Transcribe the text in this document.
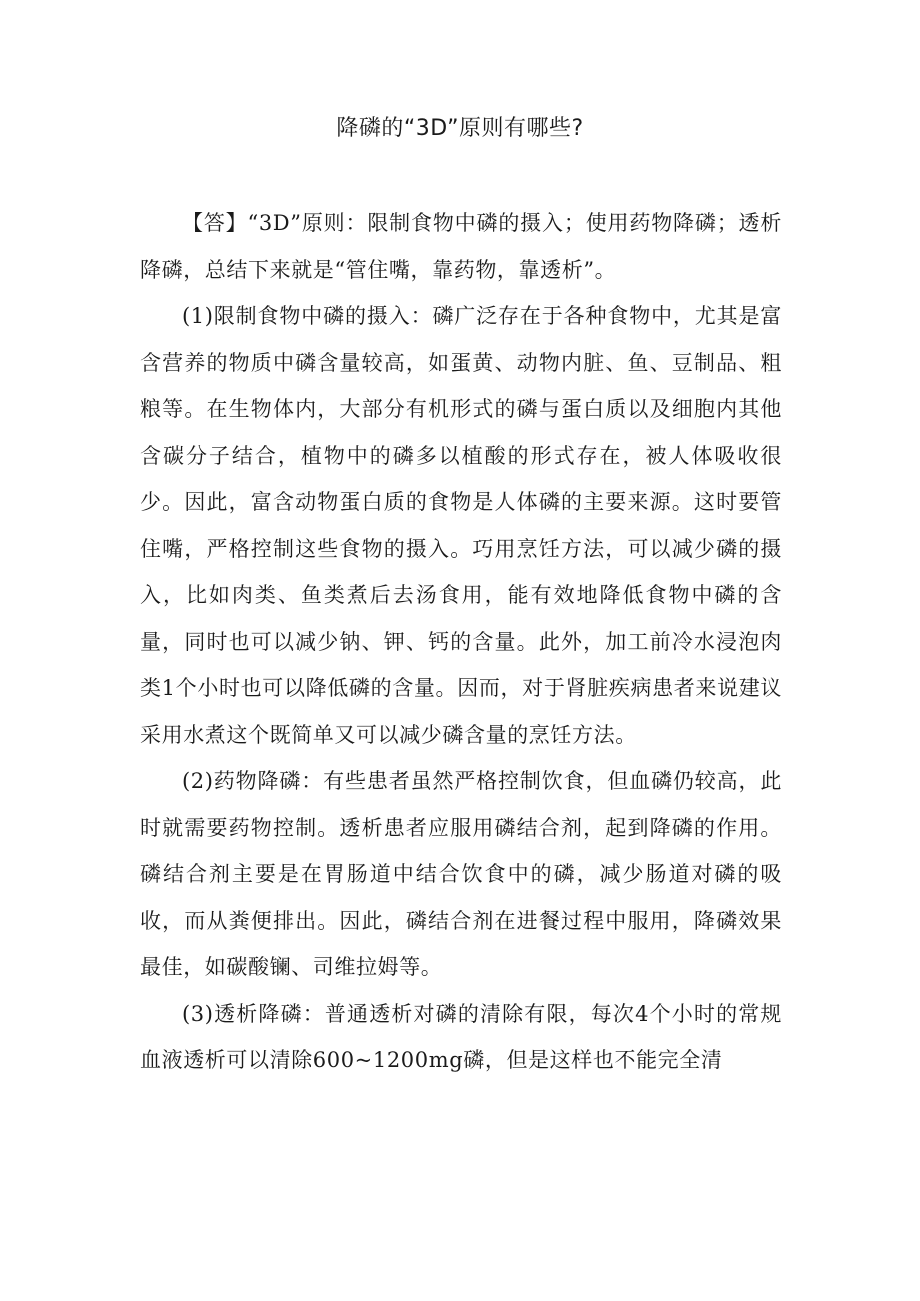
降磷的“3D”原则有哪些?

【答】“3D”原则：限制食物中磷的摄入；使用药物降磷；透析降磷，总结下来就是“管住嘴，靠药物，靠透析”。

(1)限制食物中磷的摄入：磷广泛存在于各种食物中，尤其是富含营养的物质中磷含量较高，如蛋黄、动物内脏、鱼、豆制品、粗粮等。在生物体内，大部分有机形式的磷与蛋白质以及细胞内其他含碳分子结合，植物中的磷多以植酸的形式存在，被人体吸收很少。因此，富含动物蛋白质的食物是人体磷的主要来源。这时要管住嘴，严格控制这些食物的摄入。巧用烹饪方法，可以减少磷的摄入，比如肉类、鱼类煮后去汤食用，能有效地降低食物中磷的含量，同时也可以减少钠、钾、钙的含量。此外，加工前冷水浸泡肉类1个小时也可以降低磷的含量。因而，对于肾脏疾病患者来说建议采用水煮这个既简单又可以减少磷含量的烹饪方法。

(2)药物降磷：有些患者虽然严格控制饮食，但血磷仍较高，此时就需要药物控制。透析患者应服用磷结合剂，起到降磷的作用。磷结合剂主要是在胃肠道中结合饮食中的磷，减少肠道对磷的吸收，而从粪便排出。因此，磷结合剂在进餐过程中服用，降磷效果最佳，如碳酸镧、司维拉姆等。

(3)透析降磷：普通透析对磷的清除有限，每次4个小时的常规血液透析可以清除600~1200mg磷，但是这样也不能完全清
